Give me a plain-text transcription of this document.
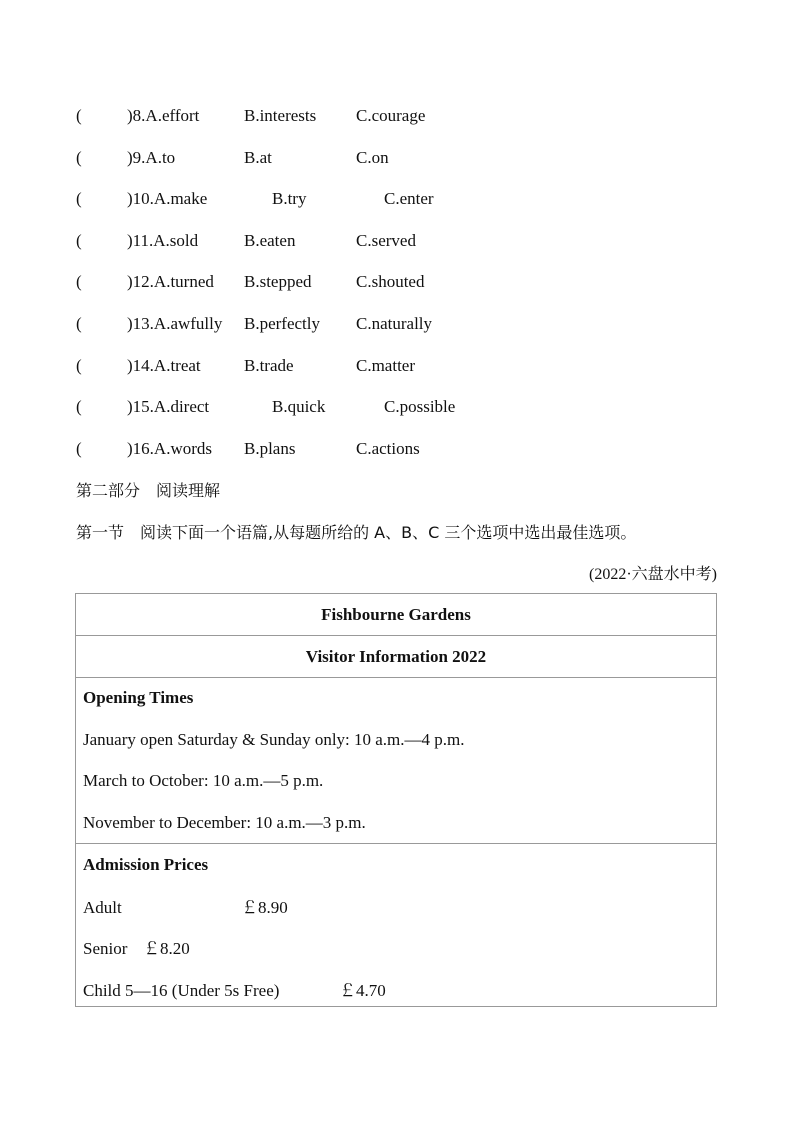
(	)8.A.effort	B.interests C.courage
(	)9.A.to	B.at	C.on
(	)10.A.make	B.try	C.enter
(	)11.A.sold	B.eaten	C.served
(	)12.A.turned B.stepped	C.shouted
(	)13.A.awfully B.perfectly C.naturally
(	)14.A.treat	B.trade	C.matter
(	)15.A.direct	B.quick	C.possible
(	)16.A.words B.plans	C.actions
第二部分　阅读理解
第一节　阅读下面一个语篇,从每题所给的 A、B、C 三个选项中选出最佳选项。
(2022·六盘水中考)
Fishbourne Gardens
Visitor Information 2022
Opening Times
January open Saturday & Sunday only: 10 a.m.—4 p.m.
March to October: 10 a.m.—5 p.m.
November to December: 10 a.m.—3 p.m.
Admission Prices
Adult	￡8.90
Senior ￡8.20
Child 5—16 (Under 5s Free)	￡4.70
